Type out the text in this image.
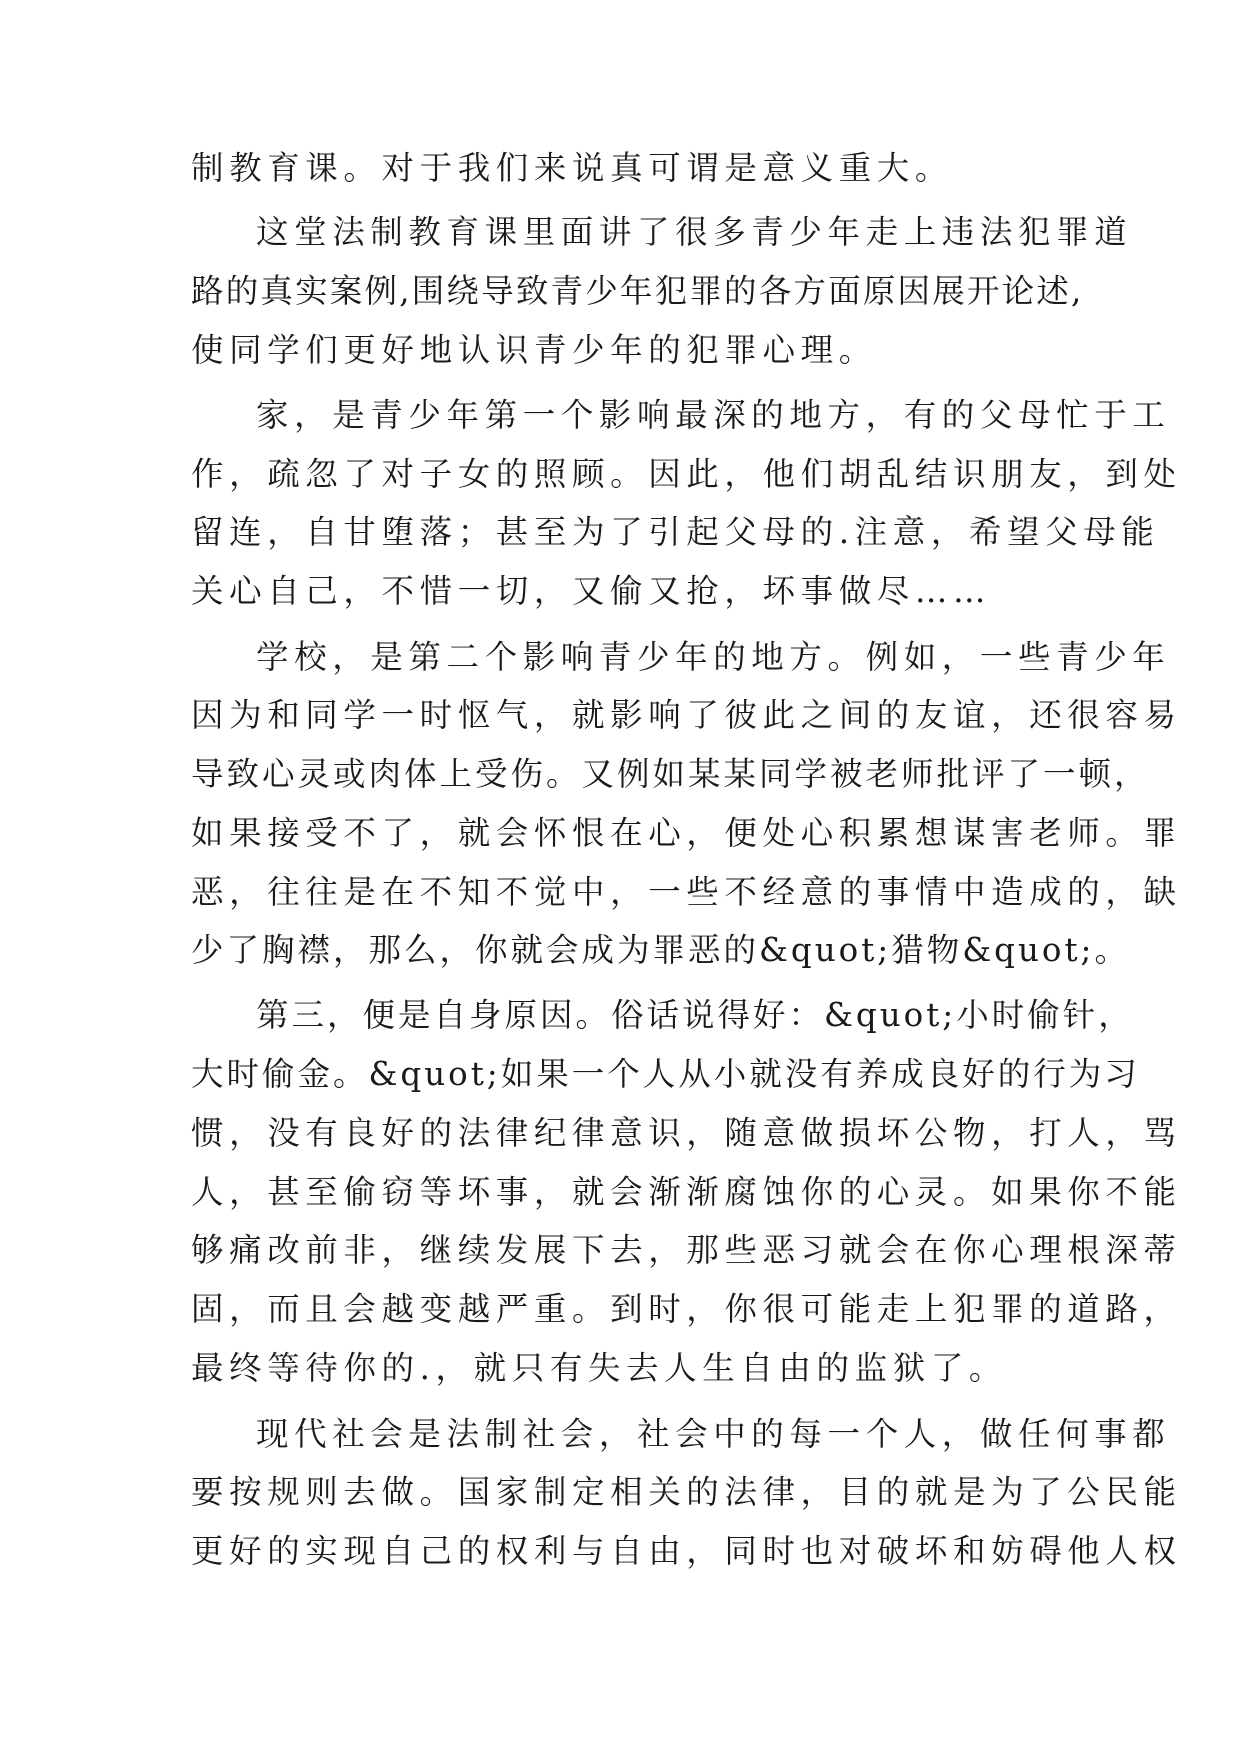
制教育课。对于我们来说真可谓是意义重大。
这堂法制教育课里面讲了很多青少年走上违法犯罪道
路的真实案例,围绕导致青少年犯罪的各方面原因展开论述,
使同学们更好地认识青少年的犯罪心理。
家，是青少年第一个影响最深的地方，有的父母忙于工
作，疏忽了对子女的照顾。因此，他们胡乱结识朋友，到处
留连，自甘堕落；甚至为了引起父母的.注意，希望父母能
关心自己，不惜一切，又偷又抢，坏事做尽……
学校，是第二个影响青少年的地方。例如，一些青少年
因为和同学一时怄气，就影响了彼此之间的友谊，还很容易
导致心灵或肉体上受伤。又例如某某同学被老师批评了一顿，
如果接受不了，就会怀恨在心，便处心积累想谋害老师。罪
恶，往往是在不知不觉中，一些不经意的事情中造成的，缺
少了胸襟，那么，你就会成为罪恶的&quot;猎物&quot;。
第三，便是自身原因。俗话说得好：&quot;小时偷针，
大时偷金。&quot;如果一个人从小就没有养成良好的行为习
惯，没有良好的法律纪律意识，随意做损坏公物，打人，骂
人，甚至偷窃等坏事，就会渐渐腐蚀你的心灵。如果你不能
够痛改前非，继续发展下去，那些恶习就会在你心理根深蒂
固，而且会越变越严重。到时，你很可能走上犯罪的道路，
最终等待你的.，就只有失去人生自由的监狱了。
现代社会是法制社会，社会中的每一个人，做任何事都
要按规则去做。国家制定相关的法律，目的就是为了公民能
更好的实现自己的权利与自由，同时也对破坏和妨碍他人权
